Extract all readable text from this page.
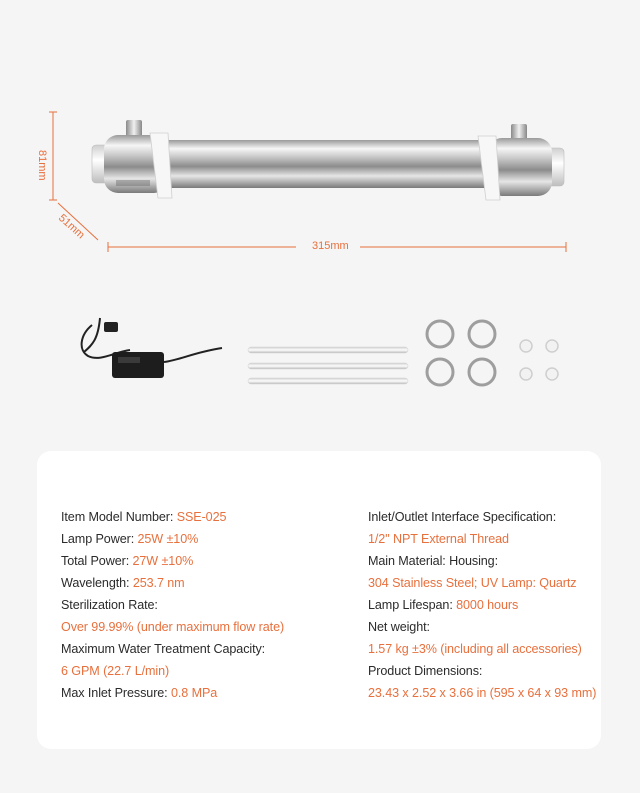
81mm
51mm
315mm
Item Model Number: SSE-025
Lamp Power: 25W ±10%
Total Power: 27W ±10%
Wavelength: 253.7 nm
Sterilization Rate:
Over 99.99% (under maximum flow rate)
Maximum Water Treatment Capacity:
6 GPM (22.7 L/min)
Max Inlet Pressure: 0.8 MPa
Inlet/Outlet Interface Specification:
1/2" NPT External Thread
Main Material: Housing:
304 Stainless Steel; UV Lamp: Quartz
Lamp Lifespan: 8000 hours
Net weight:
1.57 kg ±3% (including all accessories)
Product Dimensions:
23.43 x 2.52 x 3.66 in (595 x 64 x 93 mm)
